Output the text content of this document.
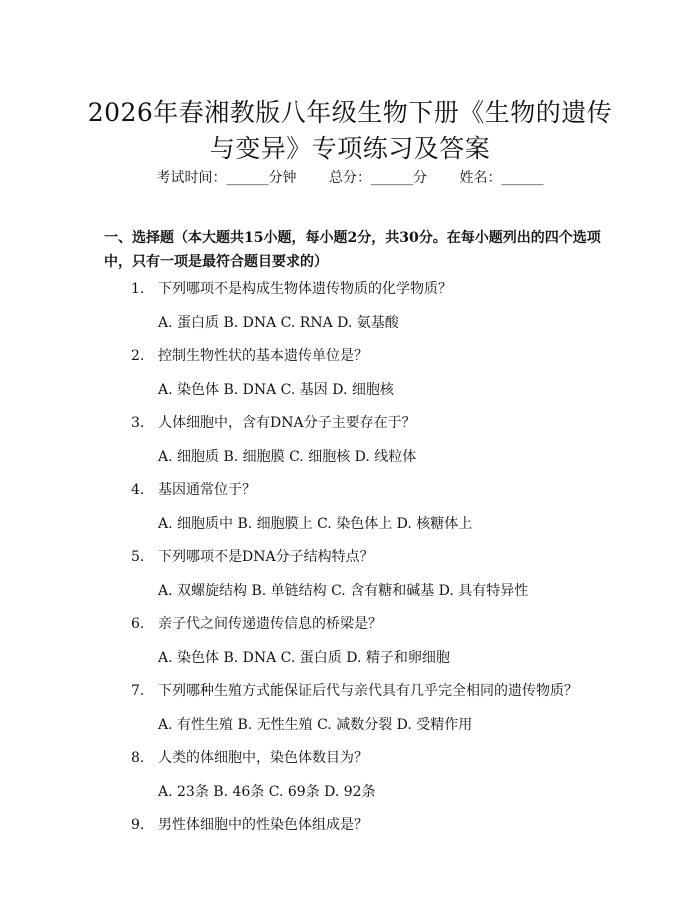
2026年春湘教版八年级生物下册《生物的遗传与变异》专项练习及答案
考试时间：______分钟 总分：______分 姓名：______
一、选择题（本大题共15小题，每小题2分，共30分。在每小题列出的四个选项中，只有一项是最符合题目要求的）
1. 下列哪项不是构成生物体遗传物质的化学物质？
A. 蛋白质 B. DNA C. RNA D. 氨基酸
2. 控制生物性状的基本遗传单位是？
A. 染色体 B. DNA C. 基因 D. 细胞核
3. 人体细胞中，含有DNA分子主要存在于？
A. 细胞质 B. 细胞膜 C. 细胞核 D. 线粒体
4. 基因通常位于？
A. 细胞质中 B. 细胞膜上 C. 染色体上 D. 核糖体上
5. 下列哪项不是DNA分子结构特点？
A. 双螺旋结构 B. 单链结构 C. 含有糖和碱基 D. 具有特异性
6. 亲子代之间传递遗传信息的桥梁是？
A. 染色体 B. DNA C. 蛋白质 D. 精子和卵细胞
7. 下列哪种生殖方式能保证后代与亲代具有几乎完全相同的遗传物质？
A. 有性生殖 B. 无性生殖 C. 减数分裂 D. 受精作用
8. 人类的体细胞中，染色体数目为？
A. 23条 B. 46条 C. 69条 D. 92条
9. 男性体细胞中的性染色体组成是？
